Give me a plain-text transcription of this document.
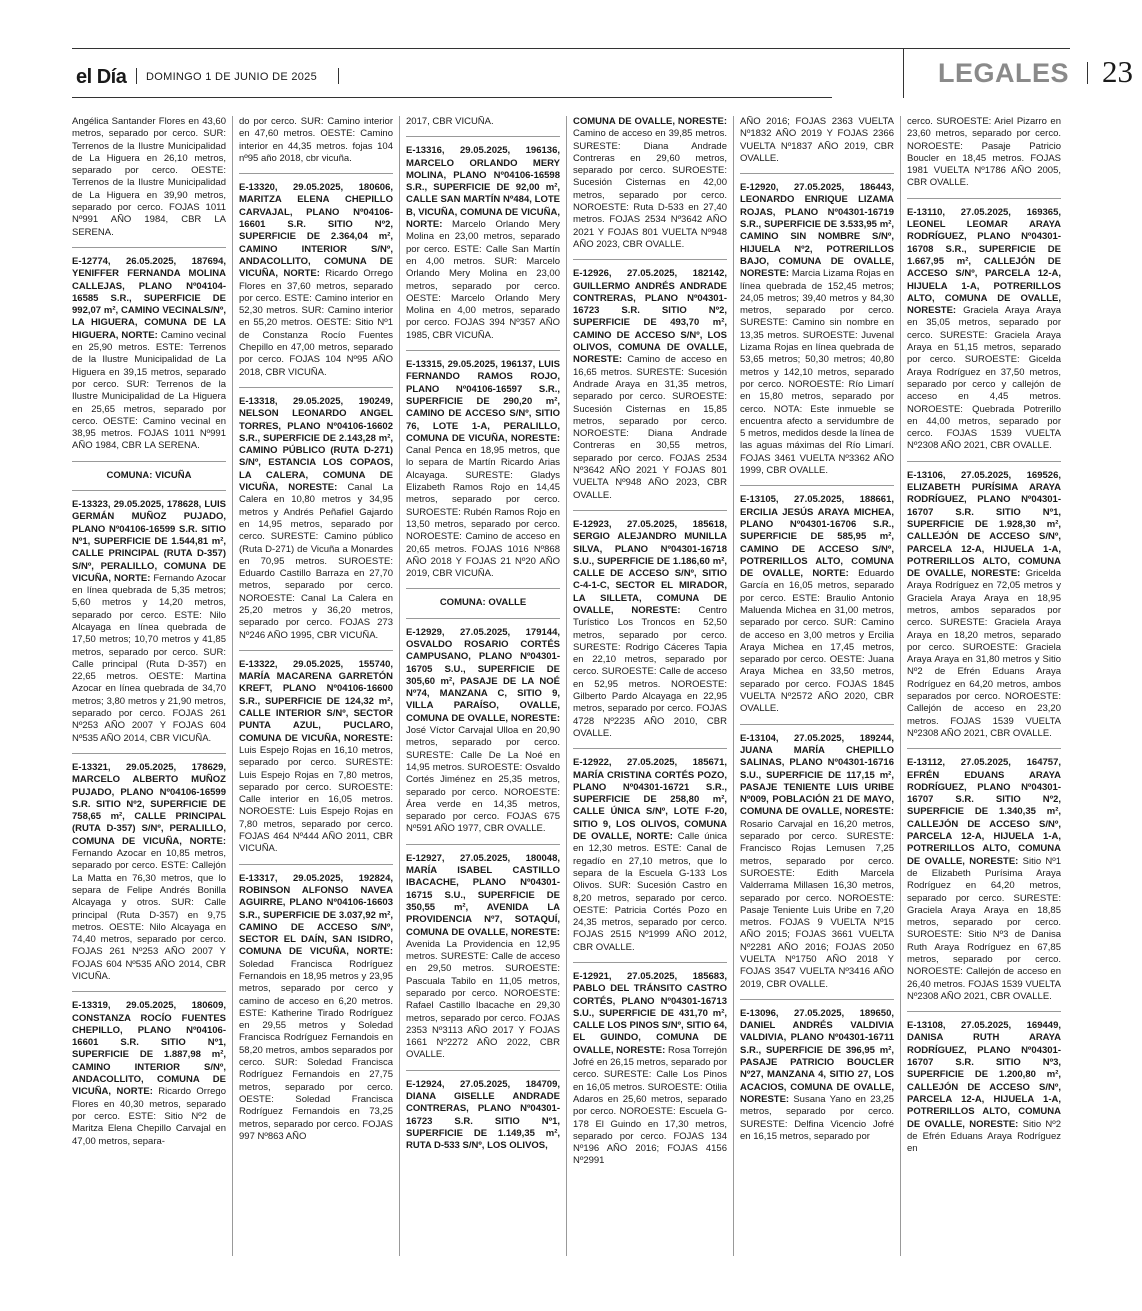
el Día DOMINGO 1 DE JUNIO DE 2025	LEGALES 23

Angélica Santander Flores en 43,60 metros, separado por cerco. SUR: Terrenos de la Ilustre Municipalidad de La Higuera en 26,10 metros, separado por cerco. OESTE: Terrenos de la Ilustre Municipalidad de La Higuera en 39,90 metros, separado por cerco. FOJAS 1011 Nº991 AÑO 1984, CBR LA SERENA.

E-12774, 26.05.2025, 187694, YENIFFER FERNANDA MOLINA CALLEJAS, PLANO Nº04104-16585 S.R., SUPERFICIE DE 992,07 m², CAMINO VECINALS/Nº, LA HIGUERA, COMUNA DE LA HIGUERA, NORTE: Camino vecinal en 25,90 metros. ESTE: Terrenos de la Ilustre Municipalidad de La Higuera en 39,15 metros, separado por cerco. SUR: Terrenos de la Ilustre Municipalidad de La Higuera en 25,65 metros, separado por cerco. OESTE: Camino vecinal en 38,95 metros. FOJAS 1011 Nº991 AÑO 1984, CBR LA SERENA.

COMUNA: VICUÑA

E-13323, 29.05.2025, 178628, LUIS GERMÁN MUÑOZ PUJADO, PLANO Nº04106-16599 S.R. SITIO Nº1, SUPERFICIE DE 1.544,81 m², CALLE PRINCIPAL (RUTA D-357) S/Nº, PERALILLO, COMUNA DE VICUÑA, NORTE: Fernando Azocar en línea quebrada de 5,35 metros; 5,60 metros y 14,20 metros, separado por cerco. ESTE: Nilo Alcayaga en línea quebrada de 17,50 metros; 10,70 metros y 41,85 metros, separado por cerco. SUR: Calle principal (Ruta D-357) en 22,65 metros. OESTE: Martina Azocar en línea quebrada de 34,70 metros; 3,80 metros y 21,90 metros, separado por cerco. FOJAS 261 Nº253 AÑO 2007 Y FOJAS 604 Nº535 AÑO 2014, CBR VICUÑA.

E-13321, 29.05.2025, 178629, MARCELO ALBERTO MUÑOZ PUJADO, PLANO Nº04106-16599 S.R. SITIO Nº2, SUPERFICIE DE 758,65 m², CALLE PRINCIPAL (RUTA D-357) S/Nº, PERALILLO, COMUNA DE VICUÑA, NORTE: Fernando Azocar en 10,85 metros, separado por cerco. ESTE: Callejón La Matta en 76,30 metros, que lo separa de Felipe Andrés Bonilla Alcayaga y otros. SUR: Calle principal (Ruta D-357) en 9,75 metros. OESTE: Nilo Alcayaga en 74,40 metros, separado por cerco. FOJAS 261 Nº253 AÑO 2007 Y FOJAS 604 Nº535 AÑO 2014, CBR VICUÑA.

E-13319, 29.05.2025, 180609, CONSTANZA ROCÍO FUENTES CHEPILLO, PLANO Nº04106-16601 S.R. SITIO Nº1, SUPERFICIE DE 1.887,98 m², CAMINO INTERIOR S/Nº, ANDACOLLITO, COMUNA DE VICUÑA, NORTE: Ricardo Orrego Flores en 40,30 metros, separado por cerco. ESTE: Sitio Nº2 de Maritza Elena Chepillo Carvajal en 47,00 metros, separa-

do por cerco. SUR: Camino interior en 47,60 metros. OESTE: Camino interior en 44,35 metros. fojas 104 nº95 año 2018, cbr vicuña.

E-13320, 29.05.2025, 180606, MARITZA ELENA CHEPILLO CARVAJAL, PLANO Nº04106-16601 S.R. SITIO Nº2, SUPERFICIE DE 2.364,04 m², CAMINO INTERIOR S/Nº, ANDACOLLITO, COMUNA DE VICUÑA, NORTE: Ricardo Orrego Flores en 37,60 metros, separado por cerco. ESTE: Camino interior en 52,30 metros. SUR: Camino interior en 55,20 metros. OESTE: Sitio Nº1 de Constanza Rocío Fuentes Chepillo en 47,00 metros, separado por cerco. FOJAS 104 Nº95 AÑO 2018, CBR VICUÑA.

E-13318, 29.05.2025, 190249, NELSON LEONARDO ANGEL TORRES, PLANO Nº04106-16602 S.R., SUPERFICIE DE 2.143,28 m², CAMINO PÚBLICO (RUTA D-271) S/Nº, ESTANCIA LOS COPAOS, LA CALERA, COMUNA DE VICUÑA, NORESTE: Canal La Calera en 10,80 metros y 34,95 metros y Andrés Peñafiel Gajardo en 14,95 metros, separado por cerco. SURESTE: Camino público (Ruta D-271) de Vicuña a Monardes en 70,95 metros. SUROESTE: Eduardo Castillo Barraza en 27,70 metros, separado por cerco. NOROESTE: Canal La Calera en 25,20 metros y 36,20 metros, separado por cerco. FOJAS 273 Nº246 AÑO 1995, CBR VICUÑA.

E-13322, 29.05.2025, 155740, MARÍA MACARENA GARRETÓN KREFT, PLANO Nº04106-16600 S.R., SUPERFICIE DE 124,32 m², CALLE INTERIOR S/Nº, SECTOR PUNTA AZUL, PUCLARO, COMUNA DE VICUÑA, NORESTE: Luis Espejo Rojas en 16,10 metros, separado por cerco. SURESTE: Luis Espejo Rojas en 7,80 metros, separado por cerco. SUROESTE: Calle interior en 16,05 metros. NOROESTE: Luis Espejo Rojas en 7,80 metros, separado por cerco. FOJAS 464 Nº444 AÑO 2011, CBR VICUÑA.

E-13317, 29.05.2025, 192824, ROBINSON ALFONSO NAVEA AGUIRRE, PLANO Nº04106-16603 S.R., SUPERFICIE DE 3.037,92 m², CAMINO DE ACCESO S/Nº, SECTOR EL DAÍN, SAN ISIDRO, COMUNA DE VICUÑA, NORTE: Soledad Francisca Rodríguez Fernandois en 18,95 metros y 23,95 metros, separado por cerco y camino de acceso en 6,20 metros. ESTE: Katherine Tirado Rodríguez en 29,55 metros y Soledad Francisca Rodríguez Fernandois en 58,20 metros, ambos separados por cerco. SUR: Soledad Francisca Rodríguez Fernandois en 27,75 metros, separado por cerco. OESTE: Soledad Francisca Rodríguez Fernandois en 73,25 metros, separado por cerco. FOJAS 997 Nº863 AÑO

2017, CBR VICUÑA.

E-13316, 29.05.2025, 196136, MARCELO ORLANDO MERY MOLINA, PLANO Nº04106-16598 S.R., SUPERFICIE DE 92,00 m², CALLE SAN MARTÍN Nº484, LOTE B, VICUÑA, COMUNA DE VICUÑA, NORTE: Marcelo Orlando Mery Molina en 23,00 metros, separado por cerco. ESTE: Calle San Martín en 4,00 metros. SUR: Marcelo Orlando Mery Molina en 23,00 metros, separado por cerco. OESTE: Marcelo Orlando Mery Molina en 4,00 metros, separado por cerco. FOJAS 394 Nº357 AÑO 1985, CBR VICUÑA.

E-13315, 29.05.2025, 196137, LUIS FERNANDO RAMOS ROJO, PLANO Nº04106-16597 S.R., SUPERFICIE DE 290,20 m², CAMINO DE ACCESO S/Nº, SITIO 76, LOTE 1-A, PERALILLO, COMUNA DE VICUÑA, NORESTE: Canal Penca en 18,95 metros, que lo separa de Martín Ricardo Arias Alcayaga. SURESTE: Gladys Elizabeth Ramos Rojo en 14,45 metros, separado por cerco. SUROESTE: Rubén Ramos Rojo en 13,50 metros, separado por cerco. NOROESTE: Camino de acceso en 20,65 metros. FOJAS 1016 Nº868 AÑO 2018 Y FOJAS 21 Nº20 AÑO 2019, CBR VICUÑA.

COMUNA: OVALLE

E-12929, 27.05.2025, 179144, OSVALDO ROSARIO CORTÉS CAMPUSANO, PLANO Nº04301-16705 S.U., SUPERFICIE DE 305,60 m², PASAJE DE LA NOÉ Nº74, MANZANA C, SITIO 9, VILLA PARAÍSO, OVALLE, COMUNA DE OVALLE, NORESTE: José Víctor Carvajal Ulloa en 20,90 metros, separado por cerco. SURESTE: Calle De La Noé en 14,95 metros. SUROESTE: Osvaldo Cortés Jiménez en 25,35 metros, separado por cerco. NOROESTE: Área verde en 14,35 metros, separado por cerco. FOJAS 675 Nº591 AÑO 1977, CBR OVALLE.

E-12927, 27.05.2025, 180048, MARÍA ISABEL CASTILLO IBACACHE, PLANO Nº04301-16715 S.U., SUPERFICIE DE 350,55 m², AVENIDA LA PROVIDENCIA Nº7, SOTAQUÍ, COMUNA DE OVALLE, NORESTE: Avenida La Providencia en 12,95 metros. SURESTE: Calle de acceso en 29,50 metros. SUROESTE: Pascuala Tabilo en 11,05 metros, separado por cerco. NOROESTE: Rafael Castillo Ibacache en 29,30 metros, separado por cerco. FOJAS 2353 Nº3113 AÑO 2017 Y FOJAS 1661 Nº2272 AÑO 2022, CBR OVALLE.

E-12924, 27.05.2025, 184709, DIANA GISELLE ANDRADE CONTRERAS, PLANO Nº04301-16723 S.R. SITIO Nº1, SUPERFICIE DE 1.149,35 m², RUTA D-533 S/Nº, LOS OLIVOS,

COMUNA DE OVALLE, NORESTE: Camino de acceso en 39,85 metros. SURESTE: Diana Andrade Contreras en 29,60 metros, separado por cerco. SUROESTE: Sucesión Cisternas en 42,00 metros, separado por cerco. NOROESTE: Ruta D-533 en 27,40 metros. FOJAS 2534 Nº3642 AÑO 2021 Y FOJAS 801 VUELTA Nº948 AÑO 2023, CBR OVALLE.

E-12926, 27.05.2025, 182142, GUILLERMO ANDRÉS ANDRADE CONTRERAS, PLANO Nº04301-16723 S.R. SITIO Nº2, SUPERFICIE DE 493,70 m², CAMINO DE ACCESO S/Nº, LOS OLIVOS, COMUNA DE OVALLE, NORESTE: Camino de acceso en 16,65 metros. SURESTE: Sucesión Andrade Araya en 31,35 metros, separado por cerco. SUROESTE: Sucesión Cisternas en 15,85 metros, separado por cerco. NOROESTE: Diana Andrade Contreras en 30,55 metros, separado por cerco. FOJAS 2534 Nº3642 AÑO 2021 Y FOJAS 801 VUELTA Nº948 AÑO 2023, CBR OVALLE.

E-12923, 27.05.2025, 185618, SERGIO ALEJANDRO MUNILLA SILVA, PLANO Nº04301-16718 S.U., SUPERFICIE DE 1.186,60 m², CALLE DE ACCESO S/Nº, SITIO C-4-1-C, SECTOR EL MIRADOR, LA SILLETA, COMUNA DE OVALLE, NORESTE: Centro Turístico Los Troncos en 52,50 metros, separado por cerco. SURESTE: Rodrigo Cáceres Tapia en 22,10 metros, separado por cerco. SUROESTE: Calle de acceso en 52,95 metros. NOROESTE: Gilberto Pardo Alcayaga en 22,95 metros, separado por cerco. FOJAS 4728 Nº2235 AÑO 2010, CBR OVALLE.

E-12922, 27.05.2025, 185671, MARÍA CRISTINA CORTÉS POZO, PLANO Nº04301-16721 S.R., SUPERFICIE DE 258,80 m², CALLE ÚNICA S/Nº, LOTE F-20, SITIO 9, LOS OLIVOS, COMUNA DE OVALLE, NORTE: Calle única en 12,30 metros. ESTE: Canal de regadío en 27,10 metros, que lo separa de la Escuela G-133 Los Olivos. SUR: Sucesión Castro en 8,20 metros, separado por cerco. OESTE: Patricia Cortés Pozo en 24,35 metros, separado por cerco. FOJAS 2515 Nº1999 AÑO 2012, CBR OVALLE.

E-12921, 27.05.2025, 185683, PABLO DEL TRÁNSITO CASTRO CORTÉS, PLANO Nº04301-16713 S.U., SUPERFICIE DE 431,70 m², CALLE LOS PINOS S/Nº, SITIO 64, EL GUINDO, COMUNA DE OVALLE, NORESTE: Rosa Torrejón Jofré en 26,15 metros, separado por cerco. SURESTE: Calle Los Pinos en 16,05 metros. SUROESTE: Otilia Adaros en 25,60 metros, separado por cerco. NOROESTE: Escuela G-178 El Guindo en 17,30 metros, separado por cerco. FOJAS 134 Nº196 AÑO 2016; FOJAS 4156 Nº2991

AÑO 2016; FOJAS 2363 VUELTA Nº1832 AÑO 2019 Y FOJAS 2366 VUELTA Nº1837 AÑO 2019, CBR OVALLE.

E-12920, 27.05.2025, 186443, LEONARDO ENRIQUE LIZAMA ROJAS, PLANO Nº04301-16719 S.R., SUPERFICIE DE 3.533,95 m², CAMINO SIN NOMBRE S/Nº, HIJUELA Nº2, POTRERILLOS BAJO, COMUNA DE OVALLE, NORESTE: Marcia Lizama Rojas en línea quebrada de 152,45 metros; 24,05 metros; 39,40 metros y 84,30 metros, separado por cerco. SURESTE: Camino sin nombre en 13,35 metros. SUROESTE: Juvenal Lizama Rojas en línea quebrada de 53,65 metros; 50,30 metros; 40,80 metros y 142,10 metros, separado por cerco. NOROESTE: Río Limarí en 15,80 metros, separado por cerco. NOTA: Este inmueble se encuentra afecto a servidumbre de 5 metros, medidos desde la línea de las aguas máximas del Río Limarí. FOJAS 3461 VUELTA Nº3362 AÑO 1999, CBR OVALLE.

E-13105, 27.05.2025, 188661, ERCILIA JESÚS ARAYA MICHEA, PLANO Nº04301-16706 S.R., SUPERFICIE DE 585,95 m², CAMINO DE ACCESO S/Nº, POTRERILLOS ALTO, COMUNA DE OVALLE, NORTE: Eduardo García en 16,05 metros, separado por cerco. ESTE: Braulio Antonio Maluenda Michea en 31,00 metros, separado por cerco. SUR: Camino de acceso en 3,00 metros y Ercilia Araya Michea en 17,45 metros, separado por cerco. OESTE: Juana Araya Michea en 33,50 metros, separado por cerco. FOJAS 1845 VUELTA Nº2572 AÑO 2020, CBR OVALLE.

E-13104, 27.05.2025, 189244, JUANA MARÍA CHEPILLO SALINAS, PLANO Nº04301-16716 S.U., SUPERFICIE DE 117,15 m², PASAJE TENIENTE LUIS URIBE Nº009, POBLACIÓN 21 DE MAYO, COMUNA DE OVALLE, NORESTE: Rosario Carvajal en 16,20 metros, separado por cerco. SURESTE: Francisco Rojas Lemusen 7,25 metros, separado por cerco. SUROESTE: Edith Marcela Valderrama Millasen 16,30 metros, separado por cerco. NOROESTE: Pasaje Teniente Luis Uribe en 7,20 metros. FOJAS 9 VUELTA Nº15 AÑO 2015; FOJAS 3661 VUELTA Nº2281 AÑO 2016; FOJAS 2050 VUELTA Nº1750 AÑO 2018 Y FOJAS 3547 VUELTA Nº3416 AÑO 2019, CBR OVALLE.

E-13096, 27.05.2025, 189650, DANIEL ANDRÉS VALDIVIA VALDIVIA, PLANO Nº04301-16711 S.R., SUPERFICIE DE 396,95 m², PASAJE PATRICIO BOUCLER Nº27, MANZANA 4, SITIO 27, LOS ACACIOS, COMUNA DE OVALLE, NORESTE: Susana Yano en 23,25 metros, separado por cerco. SURESTE: Delfina Vicencio Jofré en 16,15 metros, separado por

cerco. SUROESTE: Ariel Pizarro en 23,60 metros, separado por cerco. NOROESTE: Pasaje Patricio Boucler en 18,45 metros. FOJAS 1981 VUELTA Nº1786 AÑO 2005, CBR OVALLE.

E-13110, 27.05.2025, 169365, LEONEL LEOMAR ARAYA RODRÍGUEZ, PLANO Nº04301-16708 S.R., SUPERFICIE DE 1.667,95 m², CALLEJÓN DE ACCESO S/Nº, PARCELA 12-A, HIJUELA 1-A, POTRERILLOS ALTO, COMUNA DE OVALLE, NORESTE: Graciela Araya Araya en 35,05 metros, separado por cerco. SURESTE: Graciela Araya Araya en 51,15 metros, separado por cerco. SUROESTE: Gicelda Araya Rodríguez en 37,50 metros, separado por cerco y callejón de acceso en 4,45 metros. NOROESTE: Quebrada Potrerillo en 44,00 metros, separado por cerco. FOJAS 1539 VUELTA Nº2308 AÑO 2021, CBR OVALLE.

E-13106, 27.05.2025, 169526, ELIZABETH PURÍSIMA ARAYA RODRÍGUEZ, PLANO Nº04301-16707 S.R. SITIO Nº1, SUPERFICIE DE 1.928,30 m², CALLEJÓN DE ACCESO S/Nº, PARCELA 12-A, HIJUELA 1-A, POTRERILLOS ALTO, COMUNA DE OVALLE, NORESTE: Gricelda Araya Rodríguez en 72,05 metros y Graciela Araya Araya en 18,95 metros, ambos separados por cerco. SURESTE: Graciela Araya Araya en 18,20 metros, separado por cerco. SUROESTE: Graciela Araya Araya en 31,80 metros y Sitio Nº2 de Efrén Eduans Araya Rodríguez en 64,20 metros, ambos separados por cerco. NOROESTE: Callejón de acceso en 23,20 metros. FOJAS 1539 VUELTA Nº2308 AÑO 2021, CBR OVALLE.

E-13112, 27.05.2025, 164757, EFRÉN EDUANS ARAYA RODRÍGUEZ, PLANO Nº04301-16707 S.R. SITIO Nº2, SUPERFICIE DE 1.340,35 m², CALLEJÓN DE ACCESO S/Nº, PARCELA 12-A, HIJUELA 1-A, POTRERILLOS ALTO, COMUNA DE OVALLE, NORESTE: Sitio Nº1 de Elizabeth Purísima Araya Rodríguez en 64,20 metros, separado por cerco. SURESTE: Graciela Araya Araya en 18,85 metros, separado por cerco. SUROESTE: Sitio Nº3 de Danisa Ruth Araya Rodríguez en 67,85 metros, separado por cerco. NOROESTE: Callejón de acceso en 26,40 metros. FOJAS 1539 VUELTA Nº2308 AÑO 2021, CBR OVALLE.

E-13108, 27.05.2025, 169449, DANISA RUTH ARAYA RODRÍGUEZ, PLANO Nº04301-16707 S.R. SITIO Nº3, SUPERFICIE DE 1.200,80 m², CALLEJÓN DE ACCESO S/Nº, PARCELA 12-A, HIJUELA 1-A, POTRERILLOS ALTO, COMUNA DE OVALLE, NORESTE: Sitio Nº2 de Efrén Eduans Araya Rodríguez en
